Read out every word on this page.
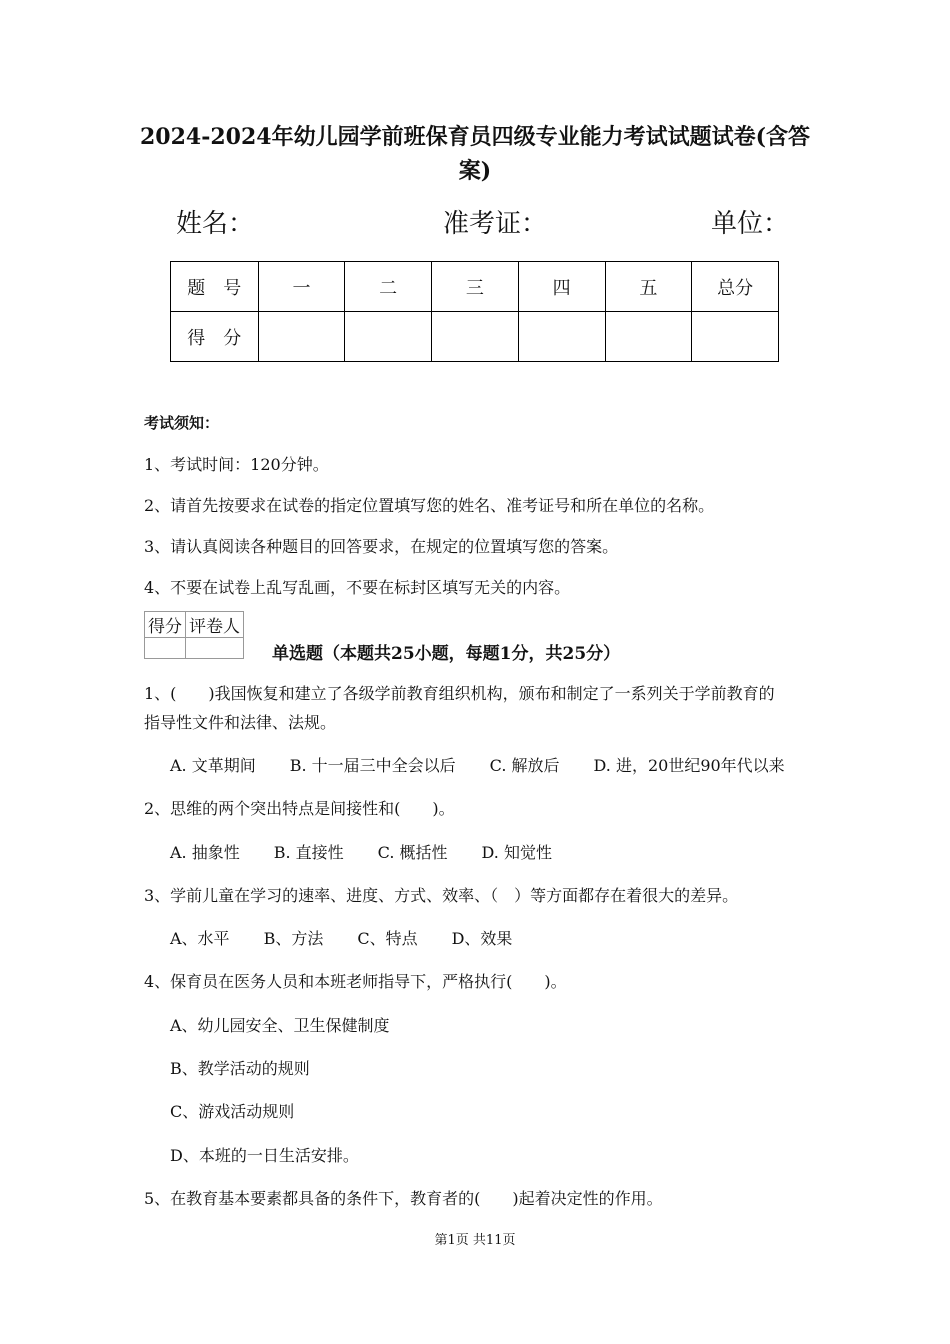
2024-2024年幼儿园学前班保育员四级专业能力考试试题试卷(含答
案)
姓名：	准考证：	单位：
题　号	一	二	三	四	五	总分
得　分						
考试须知：
1、考试时间：120分钟。
2、请首先按要求在试卷的指定位置填写您的姓名、准考证号和所在单位的名称。
3、请认真阅读各种题目的回答要求，在规定的位置填写您的答案。
4、不要在试卷上乱写乱画，不要在标封区填写无关的内容。
得分	评卷人

单选题（本题共25小题，每题1分，共25分）
1、(　　)我国恢复和建立了各级学前教育组织机构，颁布和制定了一系列关于学前教育的
指导性文件和法律、法规。
A. 文革期间 B. 十一届三中全会以后 C. 解放后 D. 进，20世纪90年代以来
2、思维的两个突出特点是间接性和(　　)。
A. 抽象性 B. 直接性 C. 概括性 D. 知觉性
3、学前儿童在学习的速率、进度、方式、效率、（　）等方面都存在着很大的差异。
A、水平 B、方法 C、特点 D、效果
4、保育员在医务人员和本班老师指导下，严格执行(　　)。
A、幼儿园安全、卫生保健制度
B、教学活动的规则
C、游戏活动规则
D、本班的一日生活安排。
5、在教育基本要素都具备的条件下，教育者的(　　)起着决定性的作用。
第1页 共11页
